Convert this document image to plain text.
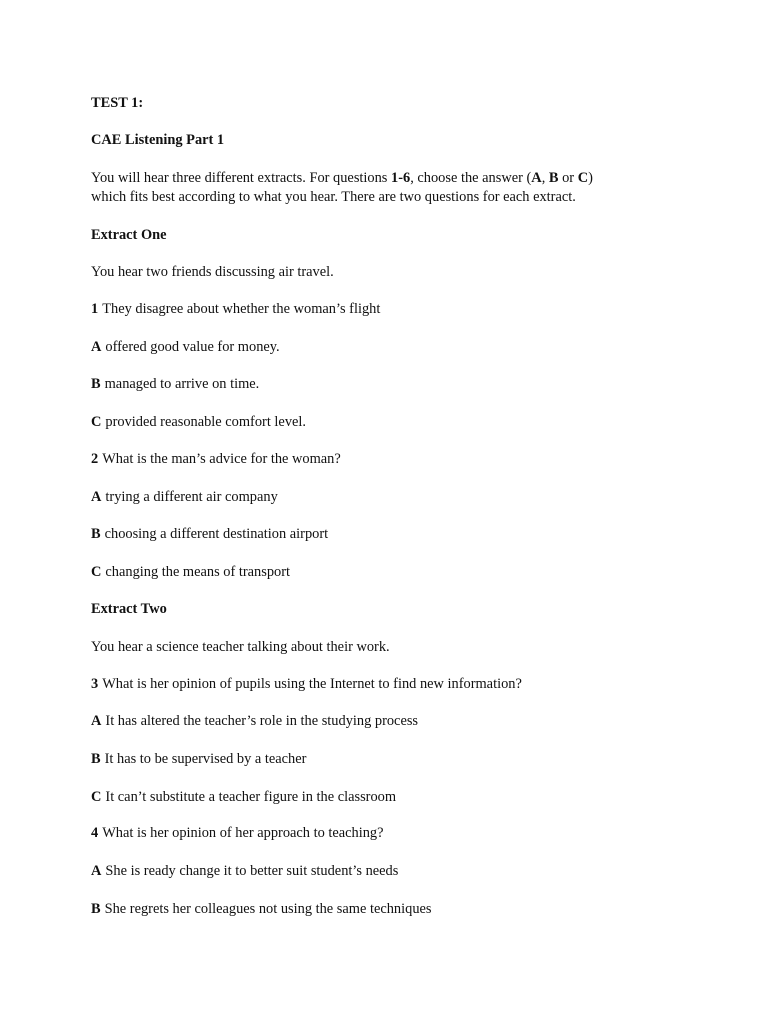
TEST 1:
CAE Listening Part 1
You will hear three different extracts. For questions 1-6, choose the answer (A, B or C)
which fits best according to what you hear. There are two questions for each extract.
Extract One
You hear two friends discussing air travel.
1 They disagree about whether the woman’s flight
A offered good value for money.
B managed to arrive on time.
C provided reasonable comfort level.
2 What is the man’s advice for the woman?
A trying a different air company
B choosing a different destination airport
C changing the means of transport
Extract Two
You hear a science teacher talking about their work.
3 What is her opinion of pupils using the Internet to find new information?
A It has altered the teacher’s role in the studying process
B It has to be supervised by a teacher
C It can’t substitute a teacher figure in the classroom
4 What is her opinion of her approach to teaching?
A She is ready change it to better suit student’s needs
B She regrets her colleagues not using the same techniques
